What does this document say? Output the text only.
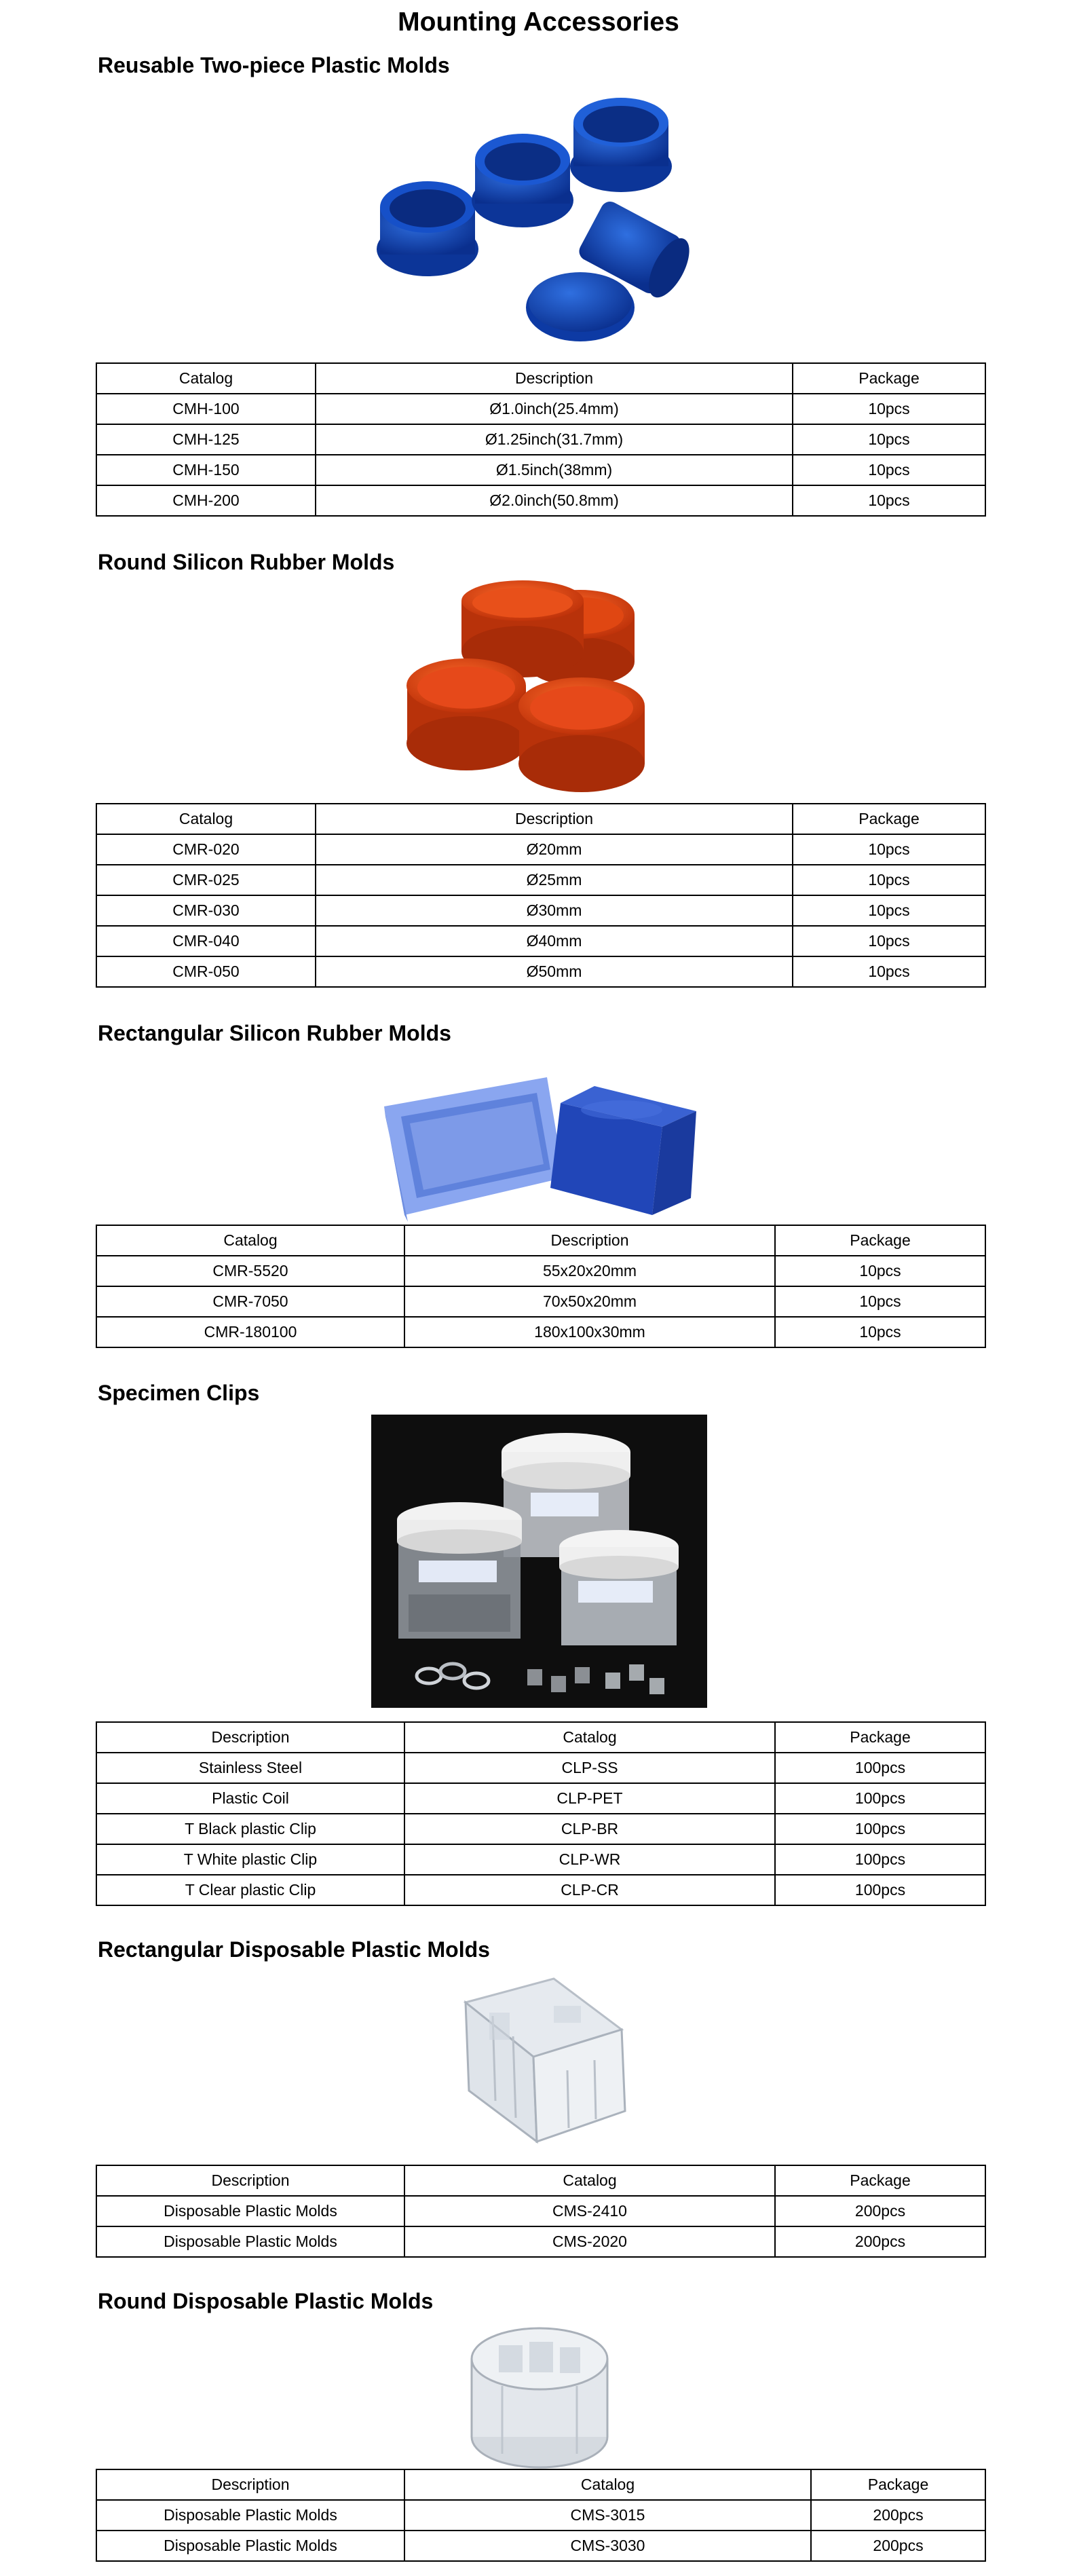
Mounting Accessories
Reusable Two-piece Plastic Molds
Catalog	Description	Package
CMH-100	Ø1.0inch(25.4mm)	10pcs
CMH-125	Ø1.25inch(31.7mm)	10pcs
CMH-150	Ø1.5inch(38mm)	10pcs
CMH-200	Ø2.0inch(50.8mm)	10pcs
Round Silicon Rubber Molds
Catalog	Description	Package
CMR-020	Ø20mm	10pcs
CMR-025	Ø25mm	10pcs
CMR-030	Ø30mm	10pcs
CMR-040	Ø40mm	10pcs
CMR-050	Ø50mm	10pcs
Rectangular Silicon Rubber Molds
Catalog	Description	Package
CMR-5520	55x20x20mm	10pcs
CMR-7050	70x50x20mm	10pcs
CMR-180100	180x100x30mm	10pcs
Specimen Clips
Description	Catalog	Package
Stainless Steel	CLP-SS	100pcs
Plastic Coil	CLP-PET	100pcs
T Black plastic Clip	CLP-BR	100pcs
T White plastic Clip	CLP-WR	100pcs
T Clear plastic Clip	CLP-CR	100pcs
Rectangular Disposable Plastic Molds
Description	Catalog	Package
Disposable Plastic Molds	CMS-2410	200pcs
Disposable Plastic Molds	CMS-2020	200pcs
Round Disposable Plastic Molds
Description	Catalog	Package
Disposable Plastic Molds	CMS-3015	200pcs
Disposable Plastic Molds	CMS-3030	200pcs
